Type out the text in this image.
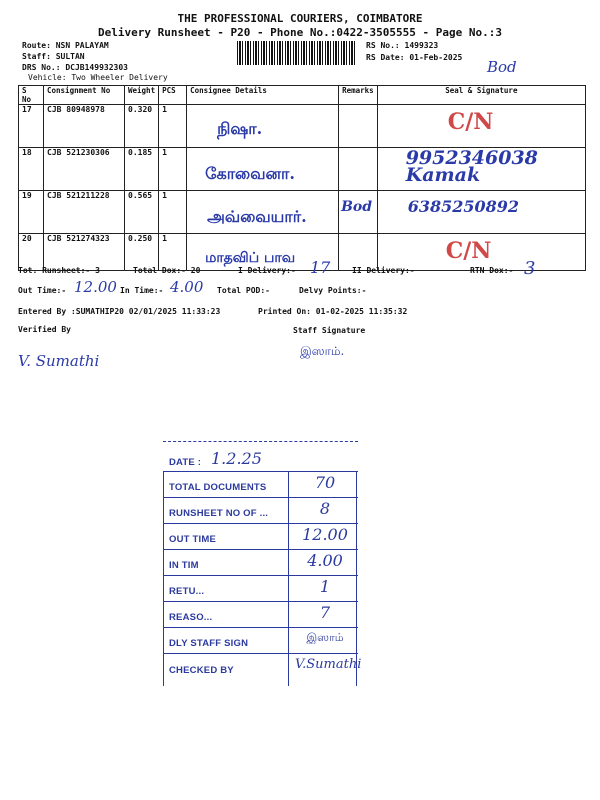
THE PROFESSIONAL COURIERS, COIMBATORE
Delivery Runsheet - P20 - Phone No.:0422-3505555 - Page No.:3
Route: NSN PALAYAM
Staff: SULTAN
DRS No.: DCJB149932303
Vehicle: Two Wheeler Delivery
RS No.: 1499323
RS Date: 01-Feb-2025
Bod
S No	Consignment No	Weight	PCS	Consignee Details	Remarks	Seal & Signature
17	CJB 80948978	0.320	1	நிஷா.		C/N

18	CJB 521230306	0.185	1	கோவைனா.		9952346038 Kamak

19	CJB 521211228	0.565	1	அவ்வையார்.	Bod	6385250892

20	CJB 521274323	0.250	1	மாதவிப் பாவ		C/N
Tot. Runsheet:- 3	Total Dox:- 20	I Delivery:- 17	II Delivery:-	RTN Dox:- 3
Out Time:- 12.00 In Time:- 4.00 Total POD:-	Delvy Points:-
Entered By :SUMATHIP20 02/01/2025 11:33:23	Printed On: 01-02-2025 11:35:32
Verified By	Staff Signature
V. Sumathi
இஸாம்.
DATE : 1.2.25
TOTAL DOCUMENTS	70
RUNSHEET NO OF ...	8
OUT TIME	12.00
IN TIM	4.00
RETU...	1
REASO...	7
DLY STAFF SIGN	இஸாம்
CHECKED BY	V.Sumathi
